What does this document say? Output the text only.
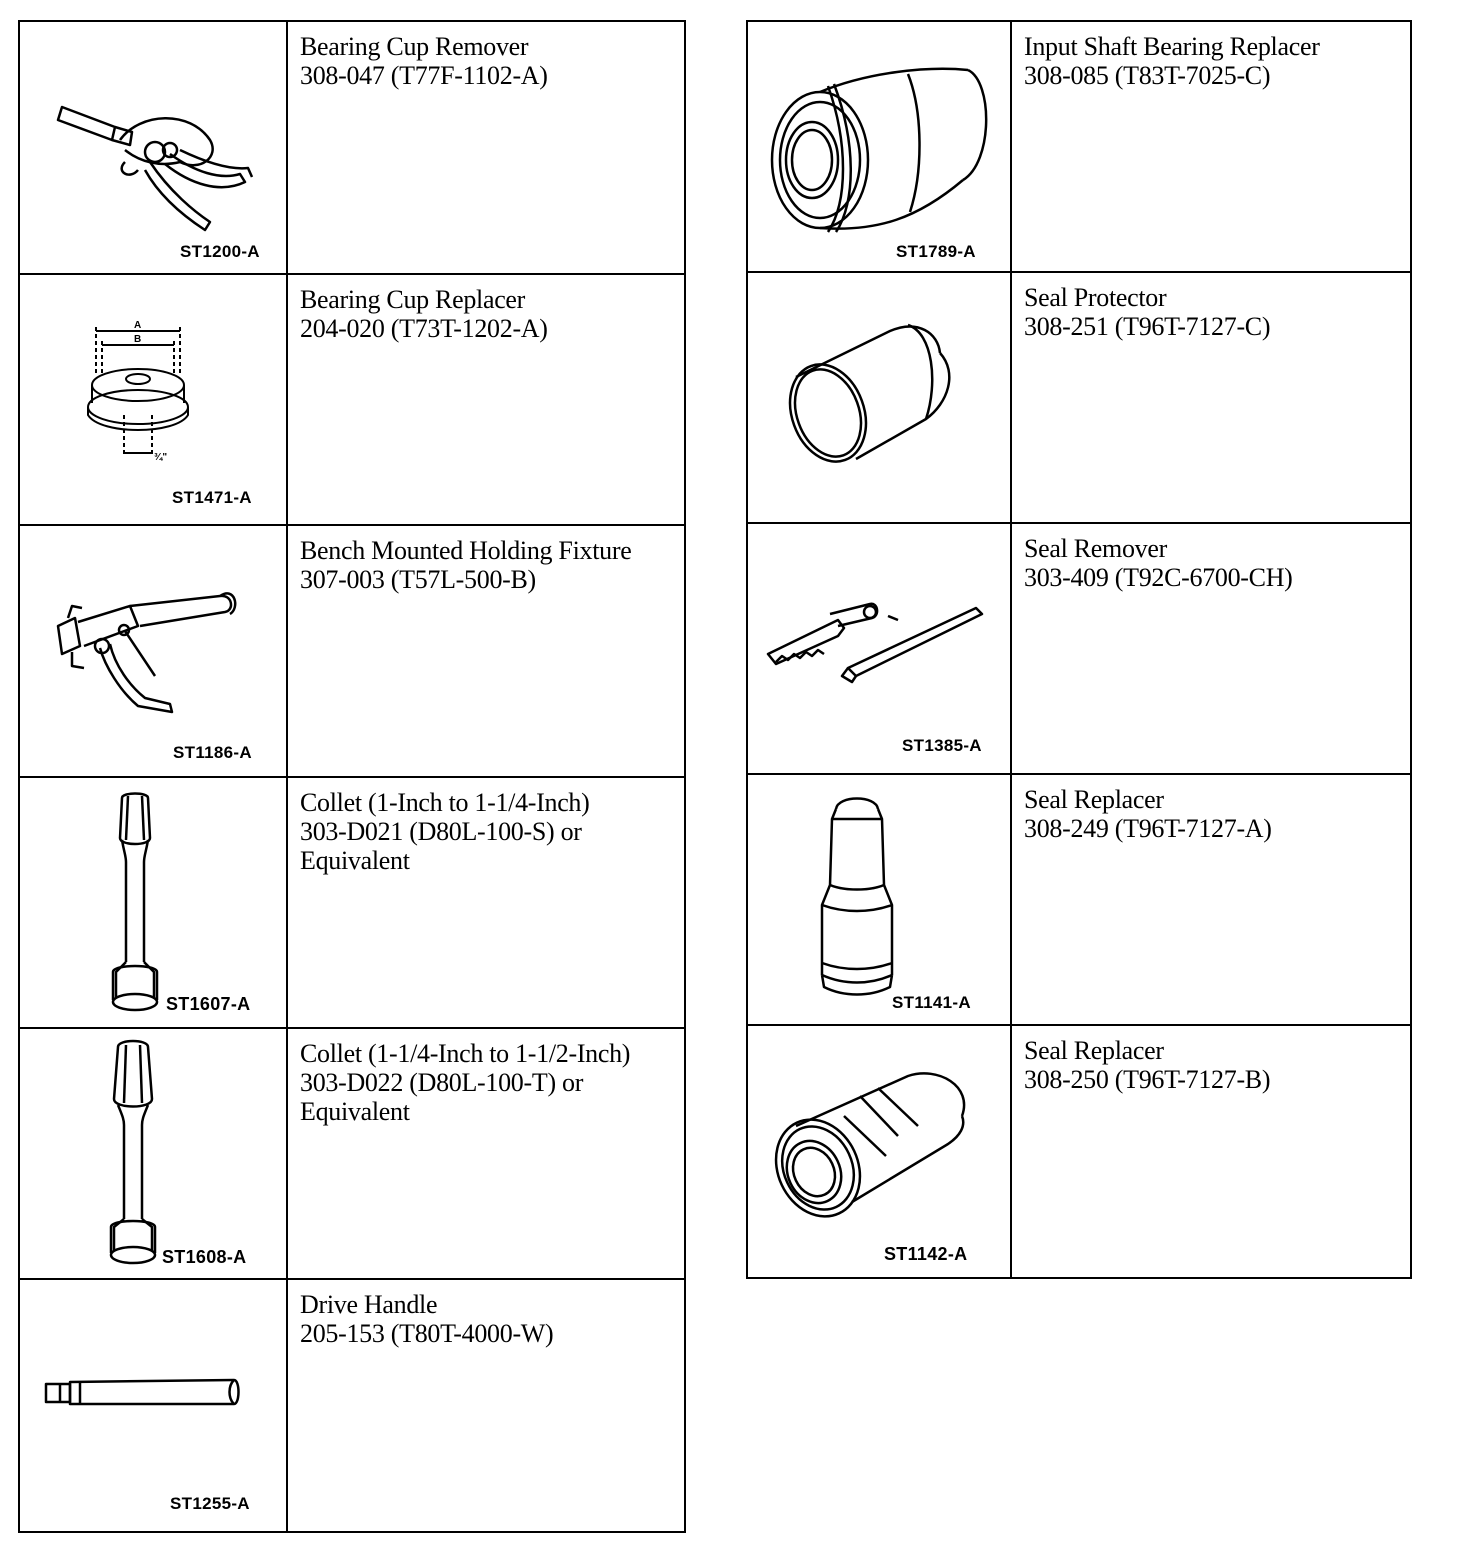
ST1200-A
Bearing Cup Remover
308-047 (T77F-1102-A)
A
B
¾"
ST1471-A
Bearing Cup Replacer
204-020 (T73T-1202-A)
ST1186-A
Bench Mounted Holding Fixture
307-003 (T57L-500-B)
ST1607-A
Collet (1-Inch to 1-1/4-Inch)
303-D021 (D80L-100-S) or
Equivalent
ST1608-A
Collet (1-1/4-Inch to 1-1/2-Inch)
303-D022 (D80L-100-T) or
Equivalent
ST1255-A
Drive Handle
205-153 (T80T-4000-W)
ST1789-A
Input Shaft Bearing Replacer
308-085 (T83T-7025-C)
Seal Protector
308-251 (T96T-7127-C)
ST1385-A
Seal Remover
303-409 (T92C-6700-CH)
ST1141-A
Seal Replacer
308-249 (T96T-7127-A)
ST1142-A
Seal Replacer
308-250 (T96T-7127-B)
